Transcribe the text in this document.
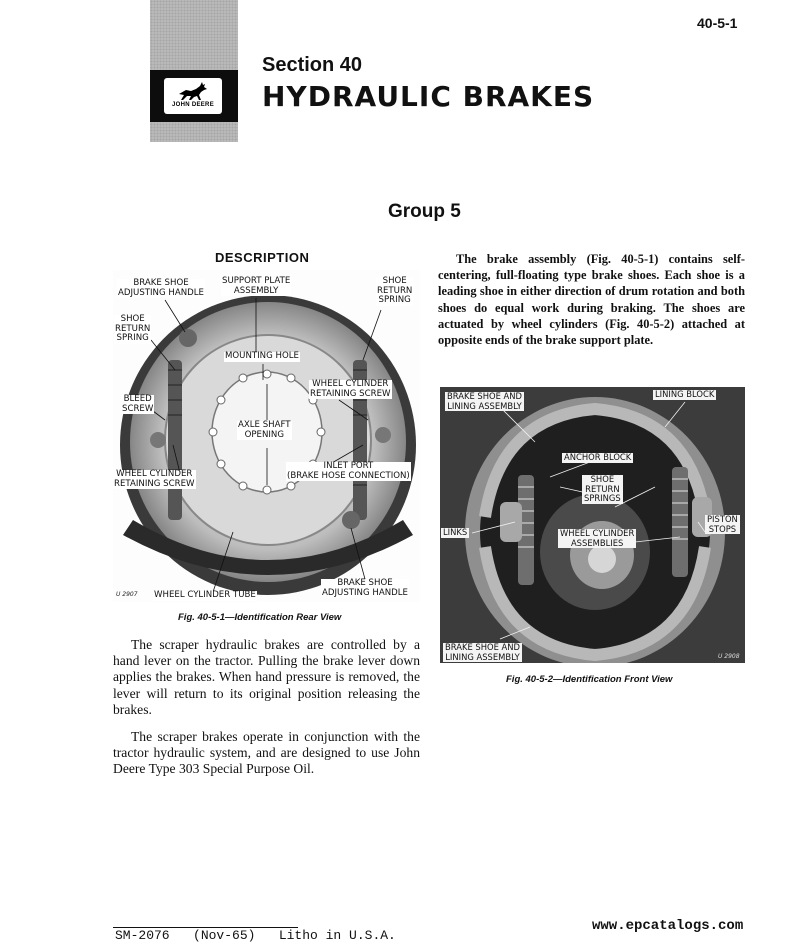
JOHN DEERE
40-5-1
Section 40
HYDRAULIC BRAKES
Group 5
DESCRIPTION	The brake assembly (Fig. 40-5-1) contains self-centering, full-floating type brake shoes. Each shoe is a leading shoe in either direction of drum rotation and both shoes do equal work during braking. The shoes are actuated by wheel cylinders (Fig. 40-5-2) attached at opposite ends of the brake support plate.

BRAKE SHOE
ADJUSTING HANDLE
SUPPORT PLATE
ASSEMBLY
SHOE
RETURN
SPRING
SHOE
RETURN
SPRING
MOUNTING HOLE
WHEEL CYLINDER
RETAINING SCREW
BLEED
SCREW
AXLE SHAFT
OPENING
INLET PORT
(BRAKE HOSE CONNECTION)
WHEEL CYLINDER
RETAINING SCREW
U 2907 WHEEL CYLINDER TUBE
BRAKE SHOE
ADJUSTING HANDLE
Fig. 40-5-1—Identification Rear View
BRAKE SHOE AND
LINING ASSEMBLY
LINING BLOCK
ANCHOR BLOCK
SHOE
RETURN
SPRINGS
PISTON
STOPS
LINKS	WHEEL CYLINDER
ASSEMBLIES
BRAKE SHOE AND
LINING ASSEMBLY	U 2908
Fig. 40-5-2—Identification Front View

The scraper hydraulic brakes are controlled by a hand lever on the tractor. Pulling the brake lever down applies the brakes. When hand pressure is removed, the lever will return to its original position releasing the brakes.

The scraper brakes operate in conjunction with the tractor hydraulic system, and are designed to use John Deere Type 303 Special Purpose Oil.

SM-2076   (Nov-65)   Litho in U.S.A.
www.epcatalogs.com
